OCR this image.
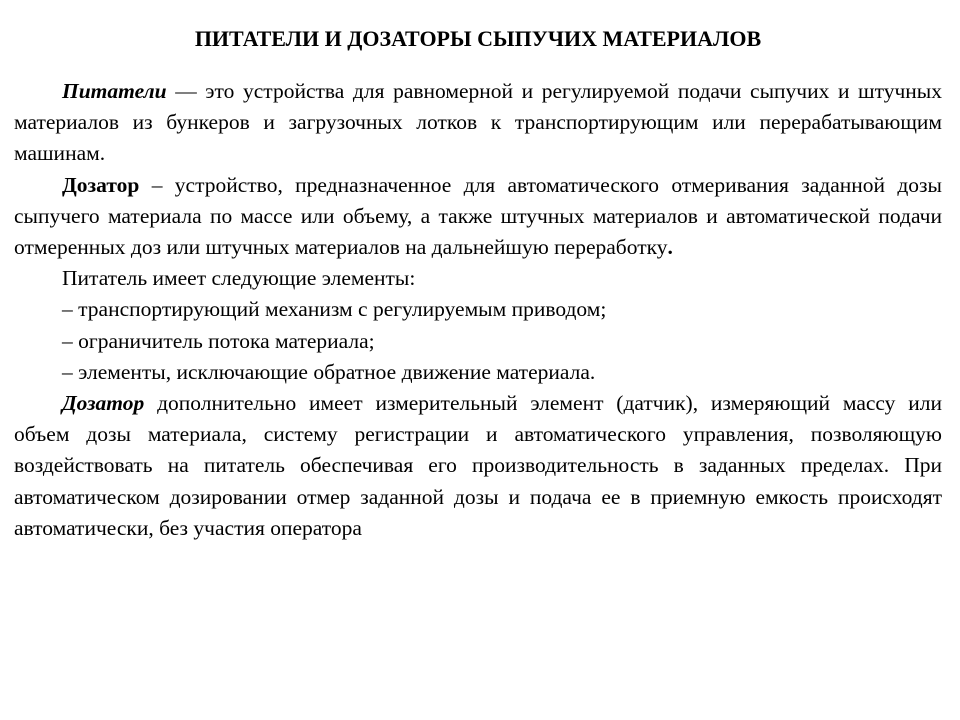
ПИТАТЕЛИ И ДОЗАТОРЫ СЫПУЧИХ МАТЕРИАЛОВ

Питатели — это устройства для равномерной и регулируемой подачи сыпучих и штучных материалов из бункеров и загрузочных лотков к транспортирующим или перерабатывающим машинам.

Дозатор – устройство, предназначенное для автоматического отмеривания заданной дозы сыпучего материала по массе или объему, а также штучных материалов и автоматической подачи отмеренных доз или штучных материалов на дальнейшую переработку.

Питатель имеет следующие элементы:

– транспортирующий механизм с регулируемым приводом;

– ограничитель потока материала;

– элементы, исключающие обратное движение материала.

Дозатор дополнительно имеет измерительный элемент (датчик), измеряющий массу или объем дозы материала, систему регистрации и автоматического управления, позволяющую воздействовать на питатель обеспечивая его производительность в заданных пределах. При автоматическом дозировании отмер заданной дозы и подача ее в приемную емкость происходят автоматически, без участия оператора
